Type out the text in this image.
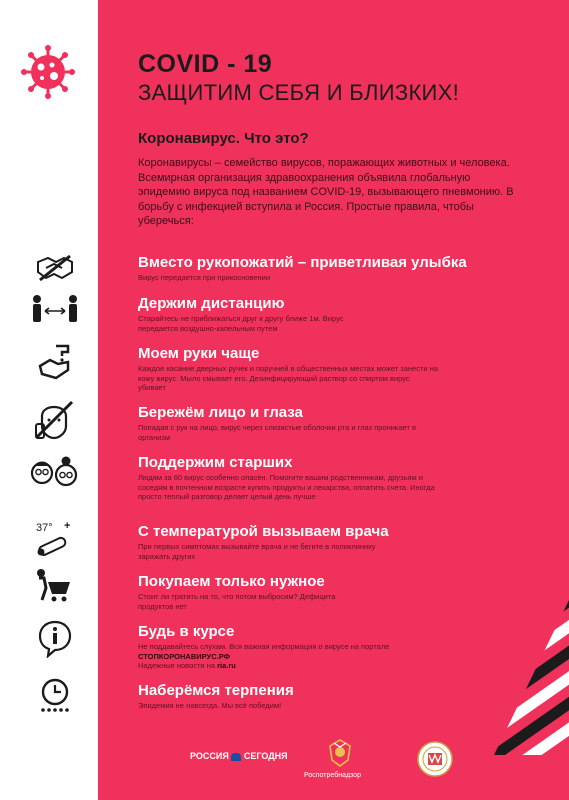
37° +
COVID - 19
ЗАЩИТИМ СЕБЯ И БЛИЗКИХ!
Коронавирус. Что это?
Коронавирусы – семейство вирусов, поражающих животных и человека. Всемирная организация здравоохранения объявила глобальную эпидемию вируса под названием COVID-19, вызывающего пневмонию. В борьбу с инфекцией вступила и Россия. Простые правила, чтобы уберечься:
Вместо рукопожатий – приветливая улыбка

Вирус передается при прикосновении

Держим дистанцию

Старайтесь не приближаться друг к другу ближе 1м. Вирус передается воздушно-капельным путем

Моем руки чаще

Каждое касание дверных ручек и поручней в общественных местах может занести на кожу вирус. Мыло смывает его. Дезинфицирующий раствор со спиртом вирус убивает

Бережём лицо и глаза

Попадая с рук на лицо, вирус через слизистые оболочки рта и глаз проникает в организм

Поддержим старших

Людям за 60 вирус особенно опасен. Помогите вашим родственникам, друзьям и соседям в почтенном возрасте купить продукты и лекарства, оплатить счета. Иногда просто теплый разговор делает целый день лучше

С температурой вызываем врача

При первых симптомах вызывайте врача и не бегите в поликлинику заражать других

Покупаем только нужное

Стоит ли тратить на то, что потом выбросим? Дефицита продуктов нет

Будь в курсе

Не поддавайтесь слухам. Вся важная информация о вирусе на портале СТОПКОРОНАВИРУС.РФ
Надежные новости на ria.ru

Наберёмся терпения

Эпидемия не навсегда. Мы всё победим!

РОССИЯ СЕГОДНЯ
Роспотребнадзор
